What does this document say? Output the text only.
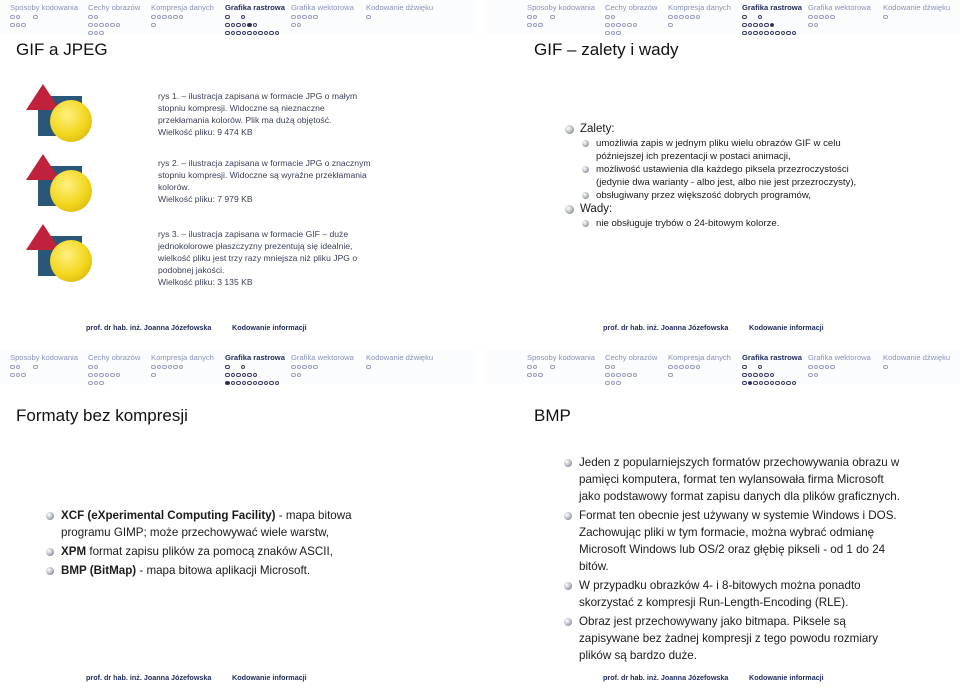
Sposoby kodowania Cechy obrazów Kompresja danych Grafika rastrowa Grafika wektorowa Kodowanie dźwięku
GIF a JPEG
rys 1. – ilustracja zapisana w formacie JPG o małym
stopniu kompresji. Widoczne są nieznaczne
przekłamania kolorów. Plik ma dużą objętość.
Wielkość pliku: 9 474 KB
rys 2. – ilustracja zapisana w formacie JPG o znacznym
stopniu kompresji. Widoczne są wyraźne przekłamania
kolorów.
Wielkość pliku: 7 979 KB
rys 3. – ilustracja zapisana w formacie GIF – duże
jednokolorowe płaszczyzny prezentują się idealnie,
wielkość pliku jest trzy razy mniejsza niż pliku JPG o
podobnej jakości.
Wielkość pliku: 3 135 KB
prof. dr hab. inż. Joanna Józefowska	Kodowanie informacji
Sposoby kodowania Cechy obrazów Kompresja danych Grafika rastrowa Grafika wektorowa Kodowanie dźwięku
GIF – zalety i wady
Zalety:
umożliwia zapis w jednym pliku wielu obrazów GIF w celu
późniejszej ich prezentacji w postaci animacji,
możliwość ustawienia dla każdego piksela przezroczystości
(jedynie dwa warianty - albo jest, albo nie jest przezroczysty),
obsługiwany przez większość dobrych programów,
Wady:
nie obsługuje trybów o 24-bitowym kolorze.
prof. dr hab. inż. Joanna Józefowska	Kodowanie informacji
Sposoby kodowania Cechy obrazów Kompresja danych Grafika rastrowa Grafika wektorowa Kodowanie dźwięku
Formaty bez kompresji
XCF (eXperimental Computing Facility) - mapa bitowa
programu GIMP; może przechowywać wiele warstw,
XPM format zapisu plików za pomocą znaków ASCII,
BMP (BitMap) - mapa bitowa aplikacji Microsoft.
prof. dr hab. inż. Joanna Józefowska	Kodowanie informacji
Sposoby kodowania Cechy obrazów Kompresja danych Grafika rastrowa Grafika wektorowa Kodowanie dźwięku
BMP
Jeden z popularniejszych formatów przechowywania obrazu w
pamięci komputera, format ten wylansowała firma Microsoft
jako podstawowy format zapisu danych dla plików graficznych.
Format ten obecnie jest używany w systemie Windows i DOS.
Zachowując pliki w tym formacie, można wybrać odmianę
Microsoft Windows lub OS/2 oraz głębię pikseli - od 1 do 24
bitów.
W przypadku obrazków 4- i 8-bitowych można ponadto
skorzystać z kompresji Run-Length-Encoding (RLE).
Obraz jest przechowywany jako bitmapa. Piksele są
zapisywane bez żadnej kompresji z tego powodu rozmiary
plików są bardzo duże.
prof. dr hab. inż. Joanna Józefowska	Kodowanie informacji
